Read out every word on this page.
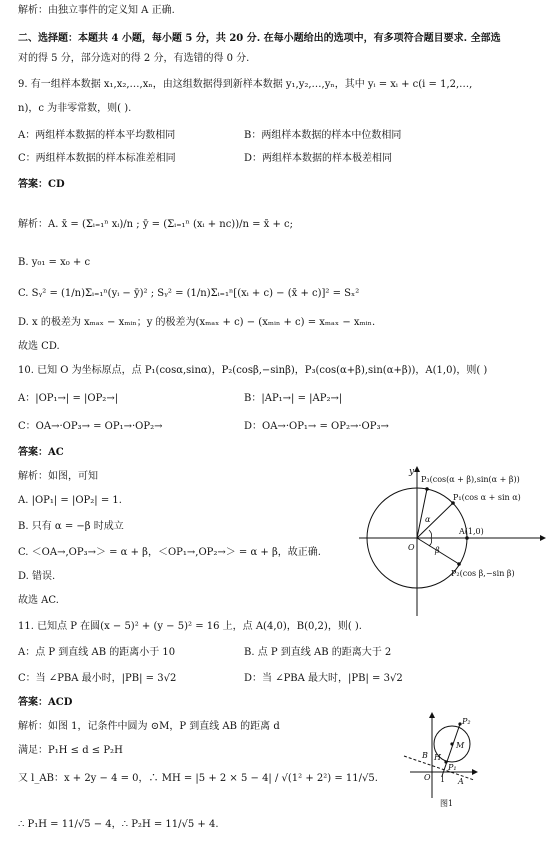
解析：由独立事件的定义知 A 正确.
二、选择题：本题共 4 小题，每小题 5 分，共 20 分. 在每小题给出的选项中，有多项符合题目要求. 全部选
对的得 5 分，部分选对的得 2 分，有选错的得 0 分.
9. 有一组样本数据 x₁,x₂,…,xₙ，由这组数据得到新样本数据 y₁,y₂,…,yₙ，其中 yᵢ = xᵢ + c(i = 1,2,…,
n)，c 为非零常数，则( ).
A：两组样本数据的样本平均数相同	B：两组样本数据的样本中位数相同
C：两组样本数据的样本标准差相同	D：两组样本数据的样本极差相同
答案：CD
解析：A. x̄ = (Σᵢ₌₁ⁿ xᵢ)/n ; ȳ = (Σᵢ₌₁ⁿ (xᵢ + nc))/n = x̄ + c;
B. y₀₁ = x₀ + c
C. Sᵧ² = (1/n)Σᵢ₌₁ⁿ(yᵢ − ȳ)² ; Sᵧ² = (1/n)Σᵢ₌₁ⁿ[(xᵢ + c) − (x̄ + c)]² = Sₓ²
D. x 的极差为 xₘₐₓ − xₘᵢₙ；y 的极差为(xₘₐₓ + c) − (xₘᵢₙ + c) = xₘₐₓ − xₘᵢₙ.
故选 CD.
10. 已知 O 为坐标原点，点 P₁(cosα,sinα)，P₂(cosβ,−sinβ)，P₃(cos(α+β),sin(α+β))，A(1,0)，则( )
A：|OP₁→| = |OP₂→|	B：|AP₁→| = |AP₂→|
C：OA→·OP₃→ = OP₁→·OP₂→	D：OA→·OP₁→ = OP₂→·OP₃→
答案：AC
解析：如图，可知
A. |OP₁| = |OP₂| = 1.
B. 只有 α = −β 时成立
C. ＜OA→,OP₃→＞ = α + β，＜OP₁→,OP₂→＞ = α + β，故正确.
D. 错误.
故选 AC.
11. 已知点 P 在圆(x − 5)² + (y − 5)² = 16 上，点 A(4,0)，B(0,2)，则( ).
A：点 P 到直线 AB 的距离小于 10	B. 点 P 到直线 AB 的距离大于 2
C：当 ∠PBA 最小时，|PB| = 3√2	D：当 ∠PBA 最大时，|PB| = 3√2
答案：ACD
解析：如图 1，记条件中圆为 ⊙M，P 到直线 AB 的距离 d
满足：P₁H ≤ d ≤ P₂H
又 l_AB：x + 2y − 4 = 0，∴ MH = |5 + 2 × 5 − 4| / √(1² + 2²) = 11/√5.
∴ P₁H = 11/√5 − 4，∴ P₂H = 11/√5 + 4.
y
P₃(cos(α + β),sin(α + β))
P₁(cos α + sin α)
α
β
O
A(1,0)
P₂(cos β,−sin β)
P₂
M
H
P₁
B
A
O 1
图1
